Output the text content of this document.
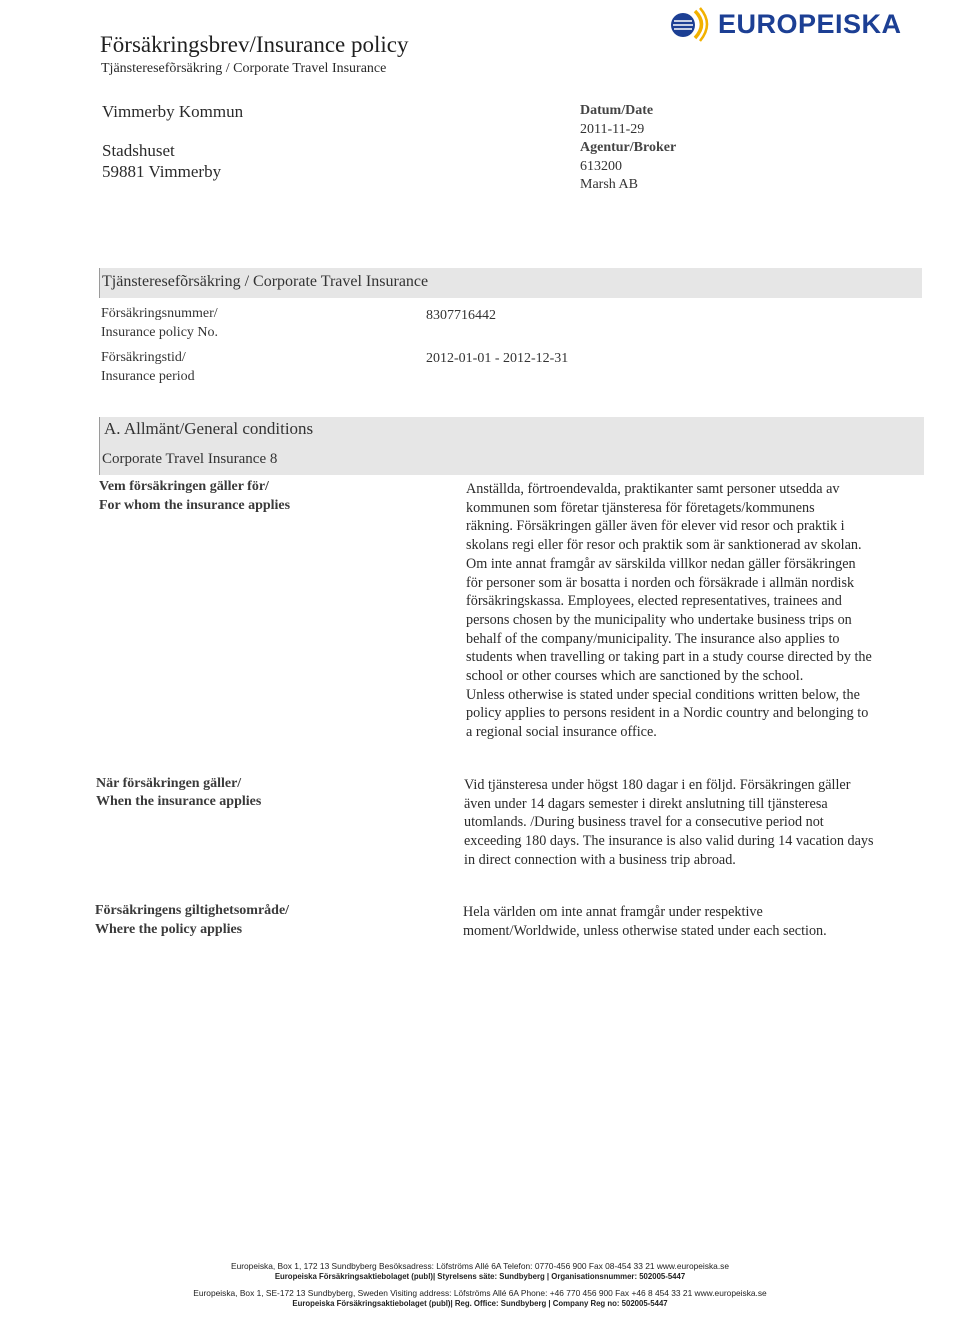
Försäkringsbrev/Insurance policy
Tjänsteresefõrsäkring / Corporate Travel Insurance
EUROPEISKA
Vimmerby Kommun
Stadshuset
59881 Vimmerby
Datum/Date
2011-11-29
Agentur/Broker
613200
Marsh AB
Tjänsteresefõrsäkring / Corporate Travel Insurance
Försäkringsnummer/
Insurance policy No.
8307716442
Försäkringstid/
Insurance period
2012-01-01 - 2012-12-31
A. Allmänt/General conditions
Corporate Travel Insurance 8
Vem försäkringen gäller för/
For whom the insurance applies
Anställda, förtroendevalda, praktikanter samt personer utsedda av
kommunen som företar tjänsteresa för företagets/kommunens
räkning. Försäkringen gäller även för elever vid resor och praktik i
skolans regi eller för resor och praktik som är sanktionerad av skolan.
Om inte annat framgår av särskilda villkor nedan gäller försäkringen
för personer som är bosatta i norden och försäkrade i allmän nordisk
försäkringskassa. Employees, elected representatives, trainees and
persons chosen by the municipality who undertake business trips on
behalf of the company/municipality. The insurance also applies to
students when travelling or taking part in a study course directed by the
school or other courses which are sanctioned by the school.
Unless otherwise is stated under special conditions written below, the
policy applies to persons resident in a Nordic country and belonging to
a regional social insurance office.
När försäkringen gäller/
When the insurance applies
Vid tjänsteresa under högst 180 dagar i en följd. Försäkringen gäller
även under 14 dagars semester i direkt anslutning till tjänsteresa
utomlands. /During business travel for a consecutive period not
exceeding 180 days. The insurance is also valid during 14 vacation days
in direct connection with a business trip abroad.
Försäkringens giltighetsområde/
Where the policy applies
Hela världen om inte annat framgår under respektive
moment/Worldwide, unless otherwise stated under each section.
Europeiska, Box 1, 172 13 Sundbyberg Besöksadress: Löfströms Allé 6A Telefon: 0770-456 900 Fax 08-454 33 21 www.europeiska.se
Europeiska Försäkringsaktiebolaget (publ)| Styrelsens säte: Sundbyberg | Organisationsnummer: 502005-5447
Europeiska, Box 1, SE-172 13 Sundbyberg, Sweden Visiting address: Löfströms Allé 6A Phone: +46 770 456 900 Fax +46 8 454 33 21 www.europeiska.se
Europeiska Försäkringsaktiebolaget (publ)| Reg. Office: Sundbyberg | Company Reg no: 502005-5447
